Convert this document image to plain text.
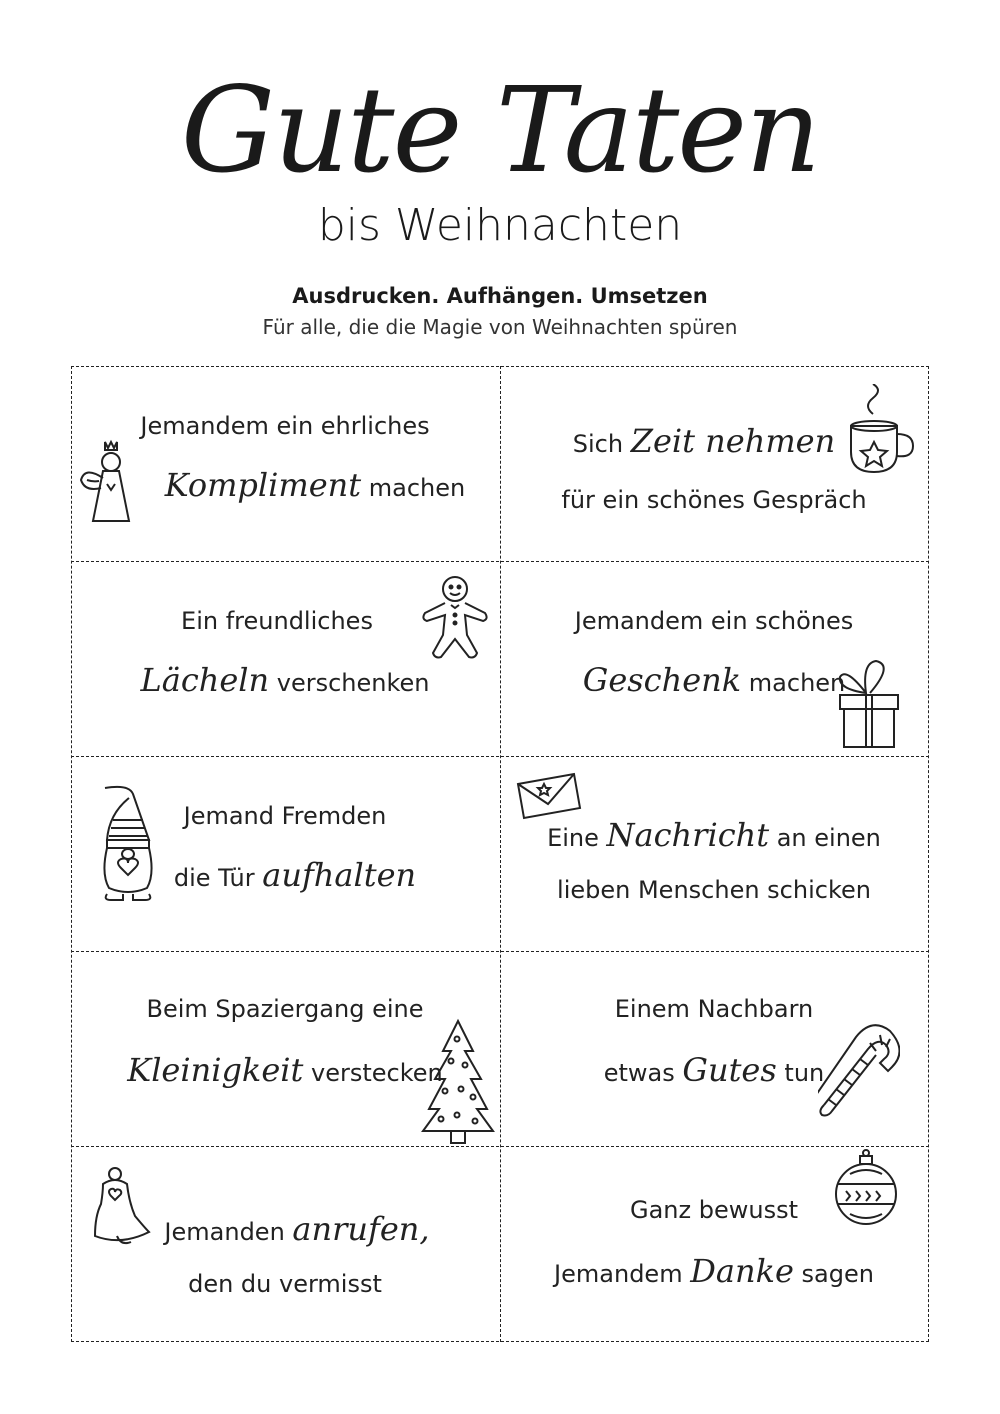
Gute Taten
bis Weihnachten
Ausdrucken. Aufhängen. Umsetzen
Für alle, die die Magie von Weihnachten spüren
Jemandem ein ehrliches
Kompliment machen
Sich Zeit nehmen
für ein schönes Gespräch
Ein freundliches
Lächeln verschenken
Jemandem ein schönes
Geschenk machen
Jemand Fremden
die Tür aufhalten
Eine Nachricht an einen
lieben Menschen schicken
Beim Spaziergang eine
Kleinigkeit verstecken
Einem Nachbarn
etwas Gutes tun
Jemanden anrufen,
den du vermisst
Ganz bewusst
Jemandem Danke sagen
